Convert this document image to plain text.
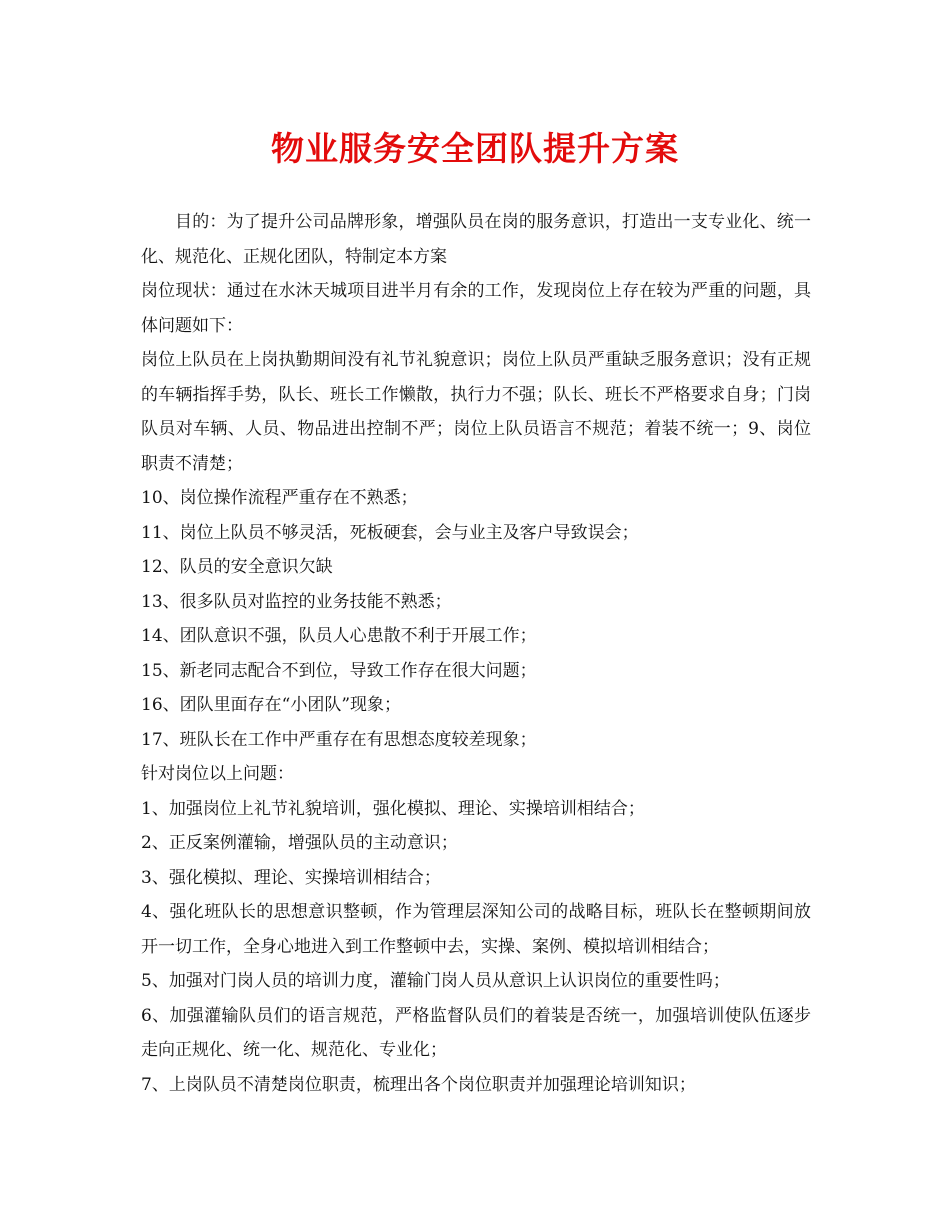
物业服务安全团队提升方案

目的：为了提升公司品牌形象，增强队员在岗的服务意识，打造出一支专业化、统一化、规范化、正规化团队，特制定本方案

岗位现状：通过在水沐天城项目进半月有余的工作，发现岗位上存在较为严重的问题，具体问题如下：

岗位上队员在上岗执勤期间没有礼节礼貌意识；岗位上队员严重缺乏服务意识；没有正规的车辆指挥手势，队长、班长工作懒散，执行力不强；队长、班长不严格要求自身；门岗队员对车辆、人员、物品进出控制不严；岗位上队员语言不规范；着装不统一；9、岗位职责不清楚；

10、岗位操作流程严重存在不熟悉；

11、岗位上队员不够灵活，死板硬套，会与业主及客户导致误会；

12、队员的安全意识欠缺

13、很多队员对监控的业务技能不熟悉；

14、团队意识不强，队员人心患散不利于开展工作；

15、新老同志配合不到位，导致工作存在很大问题；

16、团队里面存在“小团队”现象；

17、班队长在工作中严重存在有思想态度较差现象；

针对岗位以上问题：

1、加强岗位上礼节礼貌培训，强化模拟、理论、实操培训相结合；

2、正反案例灌输，增强队员的主动意识；

3、强化模拟、理论、实操培训相结合；

4、强化班队长的思想意识整顿，作为管理层深知公司的战略目标，班队长在整顿期间放开一切工作，全身心地进入到工作整顿中去，实操、案例、模拟培训相结合；

5、加强对门岗人员的培训力度，灌输门岗人员从意识上认识岗位的重要性吗；

6、加强灌输队员们的语言规范，严格监督队员们的着装是否统一，加强培训使队伍逐步走向正规化、统一化、规范化、专业化；

7、上岗队员不清楚岗位职责，梳理出各个岗位职责并加强理论培训知识；
